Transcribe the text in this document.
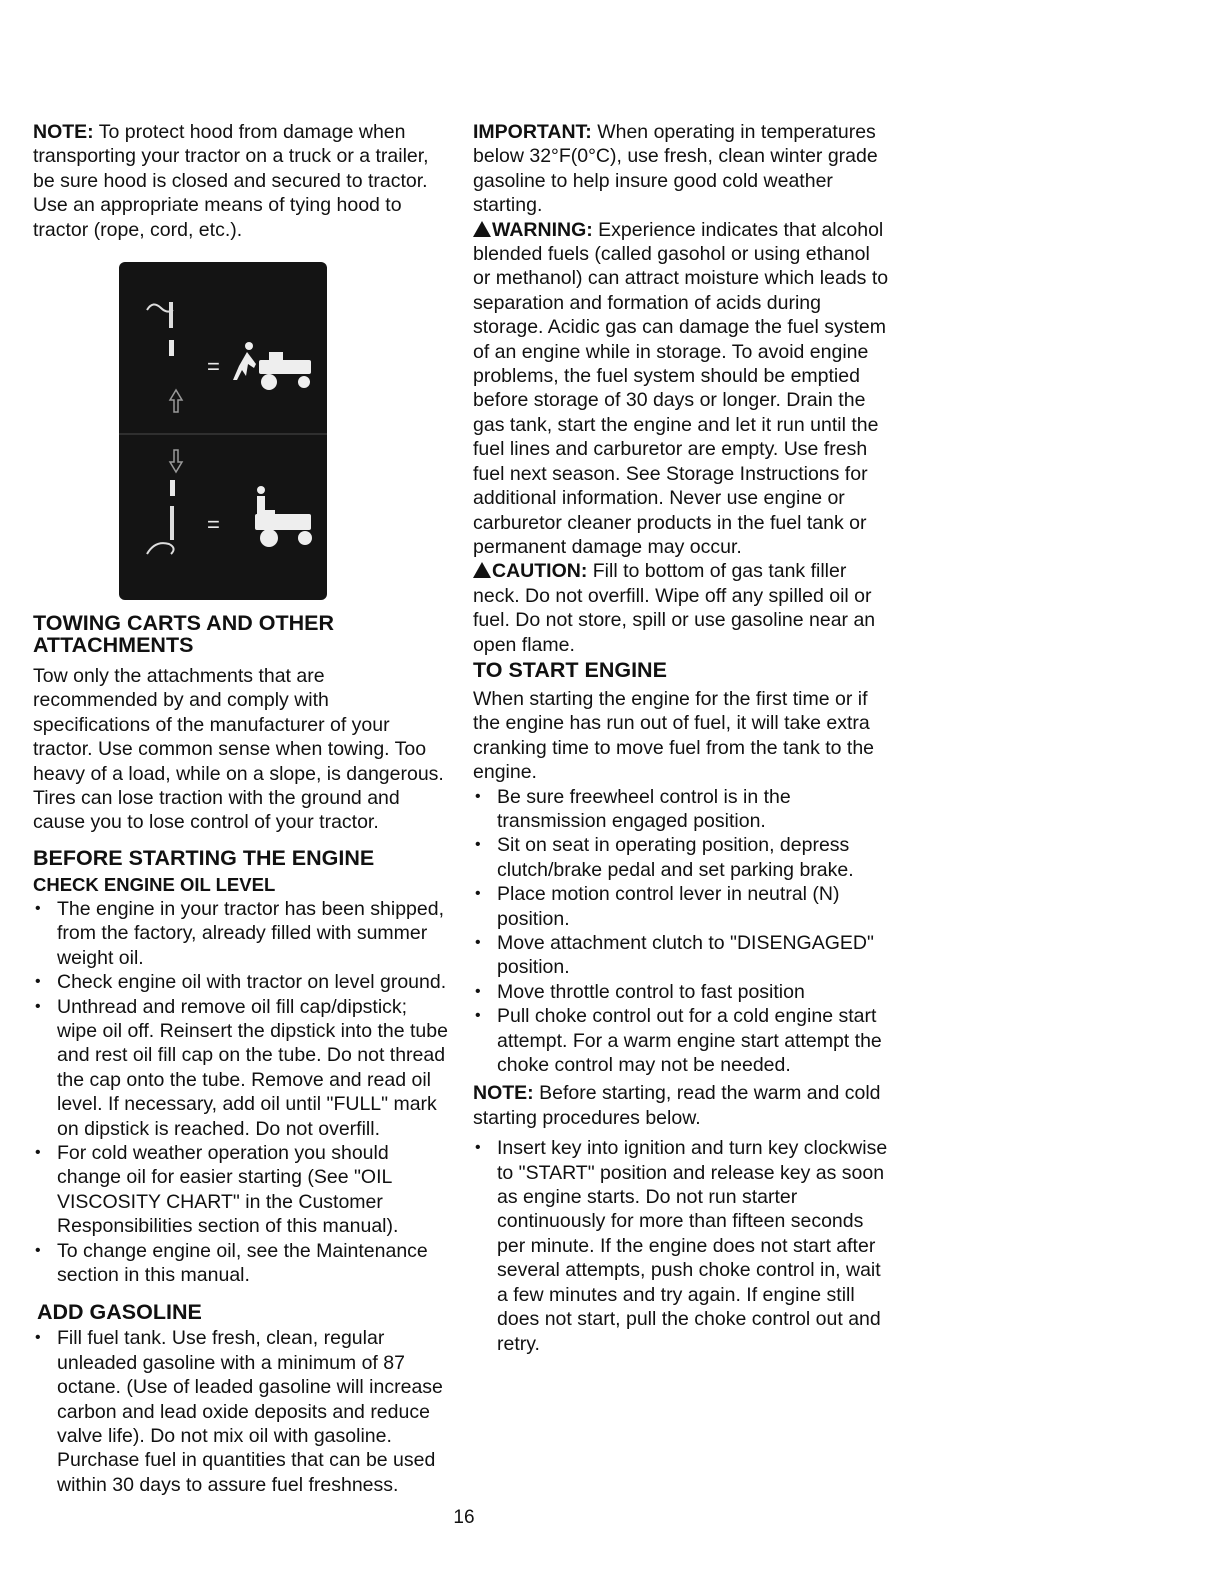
NOTE: To protect hood from damage when transporting your tractor on a truck or a trailer, be sure hood is closed and secured to tractor. Use an appropriate means of tying hood to tractor (rope, cord, etc.).

=
=
TOWING CARTS AND OTHER ATTACHMENTS

Tow only the attachments that are recommended by and comply with specifications of the manufacturer of your tractor. Use common sense when towing. Too heavy of a load, while on a slope, is dangerous. Tires can lose traction with the ground and cause you to lose control of your tractor.

BEFORE STARTING THE ENGINE
CHECK ENGINE OIL LEVEL
• The engine in your tractor has been shipped, from the factory, already filled with summer weight oil.
• Check engine oil with tractor on level ground.
• Unthread and remove oil fill cap/dipstick; wipe oil off. Reinsert the dipstick into the tube and rest oil fill cap on the tube. Do not thread the cap onto the tube. Remove and read oil level. If necessary, add oil until "FULL" mark on dipstick is reached. Do not overfill.
• For cold weather operation you should change oil for easier starting (See "OIL VISCOSITY CHART" in the Customer Responsibilities section of this manual).
• To change engine oil, see the Maintenance section in this manual.
ADD GASOLINE
• Fill fuel tank. Use fresh, clean, regular unleaded gasoline with a minimum of 87 octane. (Use of leaded gasoline will increase carbon and lead oxide deposits and reduce valve life). Do not mix oil with gasoline. Purchase fuel in quantities that can be used within 30 days to assure fuel freshness.

IMPORTANT: When operating in temperatures below 32°F(0°C), use fresh, clean winter grade gasoline to help insure good cold weather starting.

WARNING: Experience indicates that alcohol blended fuels (called gasohol or using ethanol or methanol) can attract moisture which leads to separation and formation of acids during storage. Acidic gas can damage the fuel system of an engine while in storage. To avoid engine problems, the fuel system should be emptied before storage of 30 days or longer. Drain the gas tank, start the engine and let it run until the fuel lines and carburetor are empty. Use fresh fuel next season. See Storage Instructions for additional information. Never use engine or carburetor cleaner products in the fuel tank or permanent damage may occur.

CAUTION: Fill to bottom of gas tank filler neck. Do not overfill. Wipe off any spilled oil or fuel. Do not store, spill or use gasoline near an open flame.

TO START ENGINE

When starting the engine for the first time or if the engine has run out of fuel, it will take extra cranking time to move fuel from the tank to the engine.

• Be sure freewheel control is in the transmission engaged position.
• Sit on seat in operating position, depress clutch/brake pedal and set parking brake.
• Place motion control lever in neutral (N) position.
• Move attachment clutch to "DISENGAGED" position.
• Move throttle control to fast position
• Pull choke control out for a cold engine start attempt. For a warm engine start attempt the choke control may not be needed.

NOTE: Before starting, read the warm and cold starting procedures below.

• Insert key into ignition and turn key clockwise to "START" position and release key as soon as engine starts. Do not run starter continuously for more than fifteen seconds per minute. If the engine does not start after several attempts, push choke control in, wait a few minutes and try again. If engine still does not start, pull the choke control out and retry.
16
